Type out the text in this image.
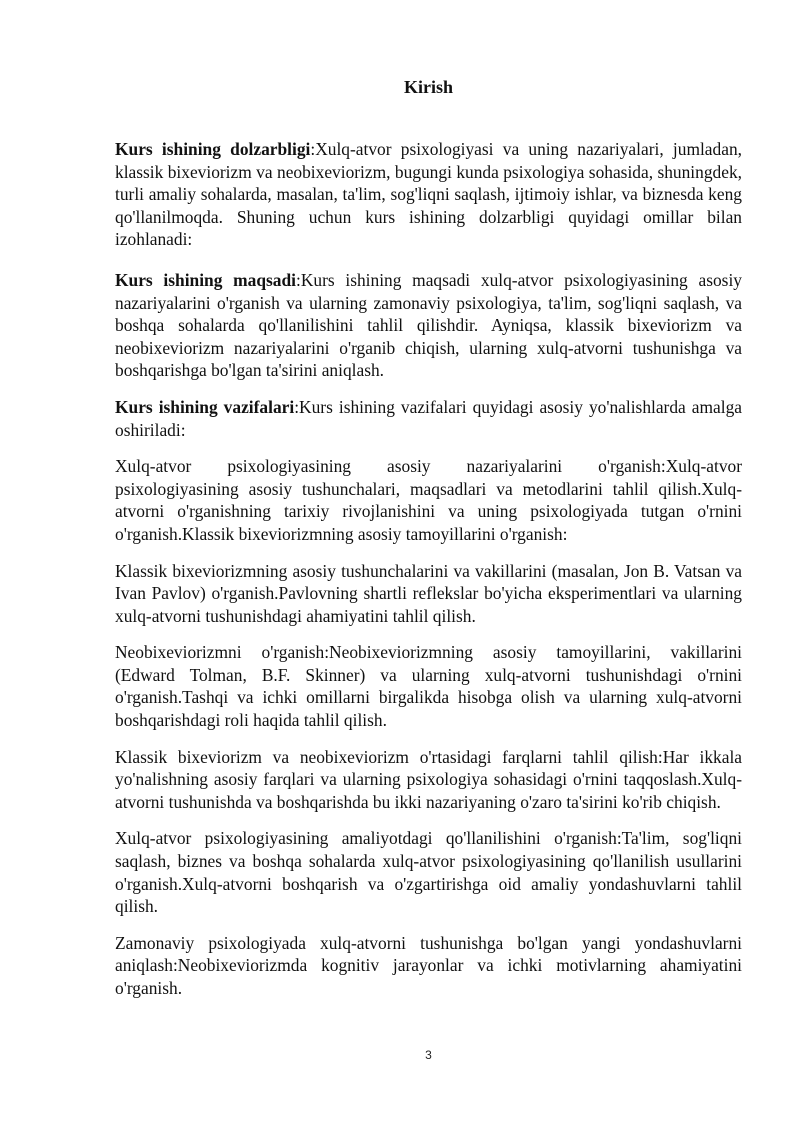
Kirish

Kurs ishining dolzarbligi:Xulq-atvor psixologiyasi va uning nazariyalari, jumladan, klassik bixeviorizm va neobixeviorizm, bugungi kunda psixologiya sohasida, shuningdek, turli amaliy sohalarda, masalan, ta'lim, sog'liqni saqlash, ijtimoiy ishlar, va biznesda keng qo'llanilmoqda. Shuning uchun kurs ishining dolzarbligi quyidagi omillar bilan izohlanadi:

Kurs ishining maqsadi:Kurs ishining maqsadi xulq-atvor psixologiyasining asosiy nazariyalarini o'rganish va ularning zamonaviy psixologiya, ta'lim, sog'liqni saqlash, va boshqa sohalarda qo'llanilishini tahlil qilishdir. Ayniqsa, klassik bixeviorizm va neobixeviorizm nazariyalarini o'rganib chiqish, ularning xulq-atvorni tushunishga va boshqarishga bo'lgan ta'sirini aniqlash.

Kurs ishining vazifalari:Kurs ishining vazifalari quyidagi asosiy yo'nalishlarda amalga oshiriladi:

Xulq-atvor psixologiyasining asosiy nazariyalarini o'rganish:Xulq-atvor psixologiyasining asosiy tushunchalari, maqsadlari va metodlarini tahlil qilish.Xulq-atvorni o'rganishning tarixiy rivojlanishini va uning psixologiyada tutgan o'rnini o'rganish.Klassik bixeviorizmning asosiy tamoyillarini o'rganish:

Klassik bixeviorizmning asosiy tushunchalarini va vakillarini (masalan, Jon B. Vatsan va Ivan Pavlov) o'rganish.Pavlovning shartli reflekslar bo'yicha eksperimentlari va ularning xulq-atvorni tushunishdagi ahamiyatini tahlil qilish.

Neobixeviorizmni o'rganish:Neobixeviorizmning asosiy tamoyillarini, vakillarini (Edward Tolman, B.F. Skinner) va ularning xulq-atvorni tushunishdagi o'rnini o'rganish.Tashqi va ichki omillarni birgalikda hisobga olish va ularning xulq-atvorni boshqarishdagi roli haqida tahlil qilish.

Klassik bixeviorizm va neobixeviorizm o'rtasidagi farqlarni tahlil qilish:Har ikkala yo'nalishning asosiy farqlari va ularning psixologiya sohasidagi o'rnini taqqoslash.Xulq-atvorni tushunishda va boshqarishda bu ikki nazariyaning o'zaro ta'sirini ko'rib chiqish.

Xulq-atvor psixologiyasining amaliyotdagi qo'llanilishini o'rganish:Ta'lim, sog'liqni saqlash, biznes va boshqa sohalarda xulq-atvor psixologiyasining qo'llanilish usullarini o'rganish.Xulq-atvorni boshqarish va o'zgartirishga oid amaliy yondashuvlarni tahlil qilish.

Zamonaviy psixologiyada xulq-atvorni tushunishga bo'lgan yangi yondashuvlarni aniqlash:Neobixeviorizmda kognitiv jarayonlar va ichki motivlarning ahamiyatini o'rganish.

3
